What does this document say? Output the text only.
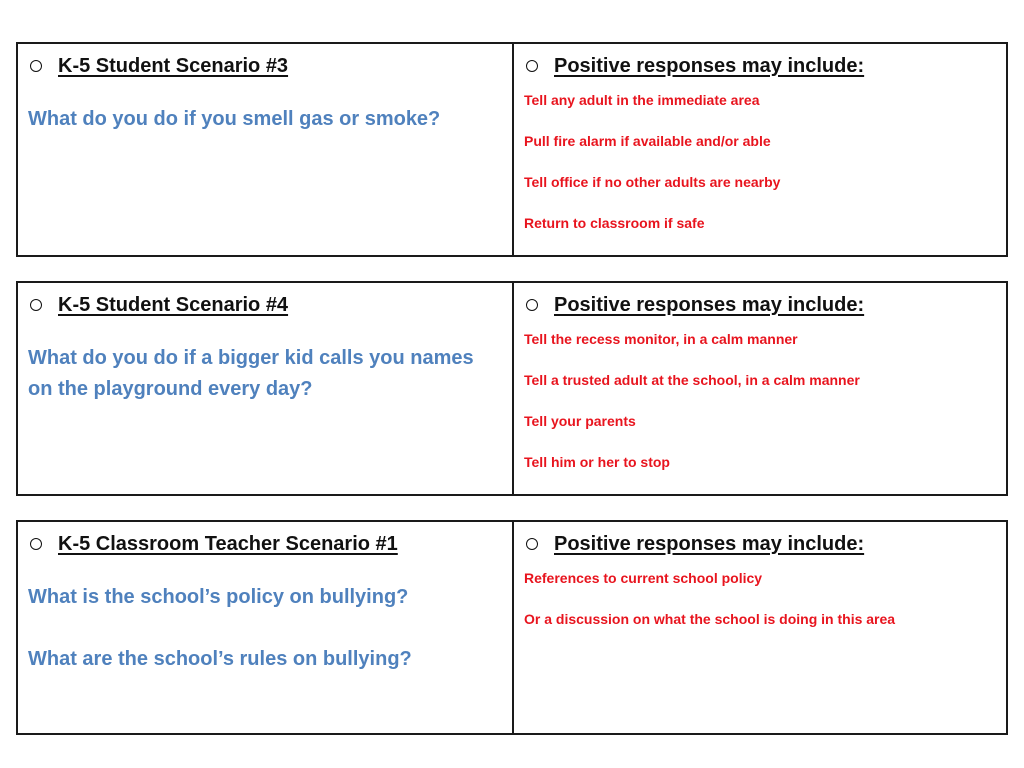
K-5 Student Scenario #3
What do you do if you smell gas or smoke?
Positive responses may include:
Tell any adult in the immediate area
Pull fire alarm if available and/or able
Tell office if no other adults are nearby
Return to classroom if safe
K-5 Student Scenario #4
What do you do if a bigger kid calls you names on the playground every day?
Positive responses may include:
Tell the recess monitor, in a calm manner
Tell a trusted adult at the school, in a calm manner
Tell your parents
Tell him or her to stop
K-5 Classroom Teacher Scenario #1
What is the school’s policy on bullying?
What are the school’s rules on bullying?
Positive responses may include:
References to current school policy
Or a discussion on what the school is doing in this area
